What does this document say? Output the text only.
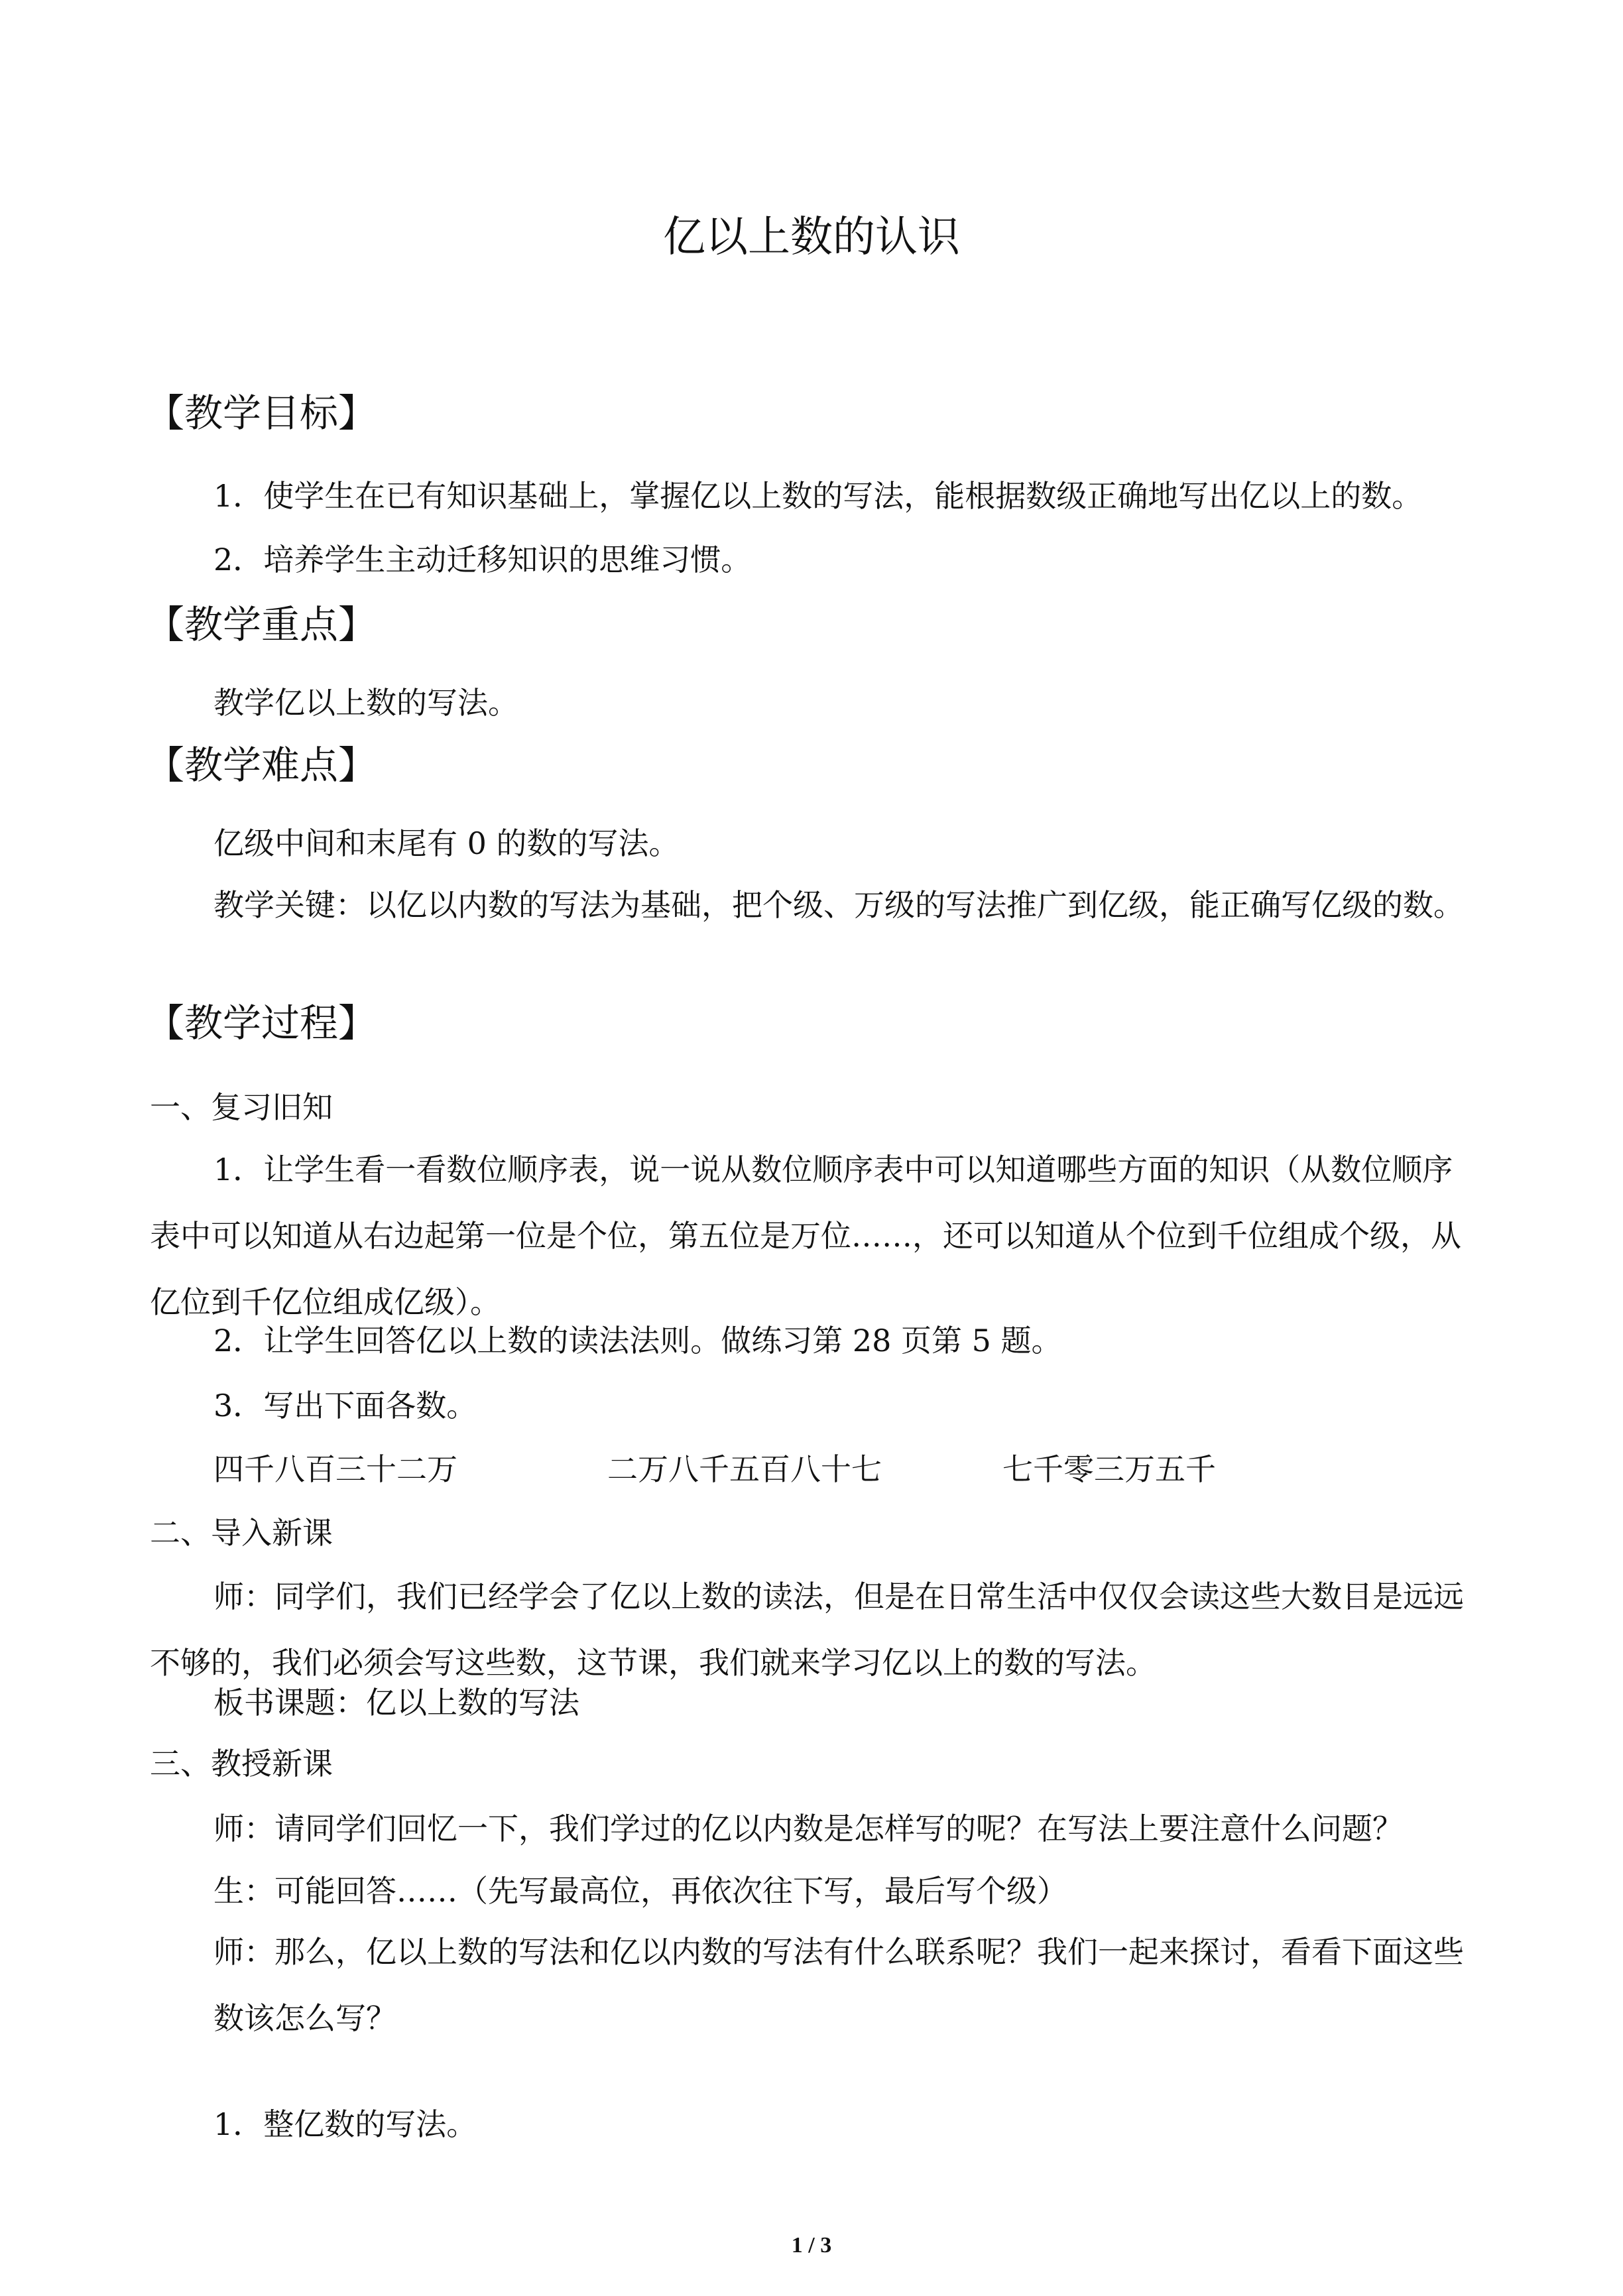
亿以上数的认识
【教学目标】
1．使学生在已有知识基础上，掌握亿以上数的写法，能根据数级正确地写出亿以上的数。
2．培养学生主动迁移知识的思维习惯。
【教学重点】
教学亿以上数的写法。
【教学难点】
亿级中间和末尾有 0 的数的写法。
教学关键：以亿以内数的写法为基础，把个级、万级的写法推广到亿级，能正确写亿级的数。
【教学过程】
一、复习旧知
1．让学生看一看数位顺序表，说一说从数位顺序表中可以知道哪些方面的知识（从数位顺序表中可以知道从右边起第一位是个位，第五位是万位……，还可以知道从个位到千位组成个级，从亿位到千亿位组成亿级）。
2．让学生回答亿以上数的读法法则。做练习第 28 页第 5 题。
3．写出下面各数。
四千八百三十二万	二万八千五百八十七	七千零三万五千
二、导入新课
师：同学们，我们已经学会了亿以上数的读法，但是在日常生活中仅仅会读这些大数目是远远不够的，我们必须会写这些数，这节课，我们就来学习亿以上的数的写法。
板书课题：亿以上数的写法
三、教授新课
师：请同学们回忆一下，我们学过的亿以内数是怎样写的呢？在写法上要注意什么问题？
生：可能回答……（先写最高位，再依次往下写，最后写个级）
师：那么，亿以上数的写法和亿以内数的写法有什么联系呢？我们一起来探讨，看看下面这些数该怎么写？
1．整亿数的写法。
1 / 3
